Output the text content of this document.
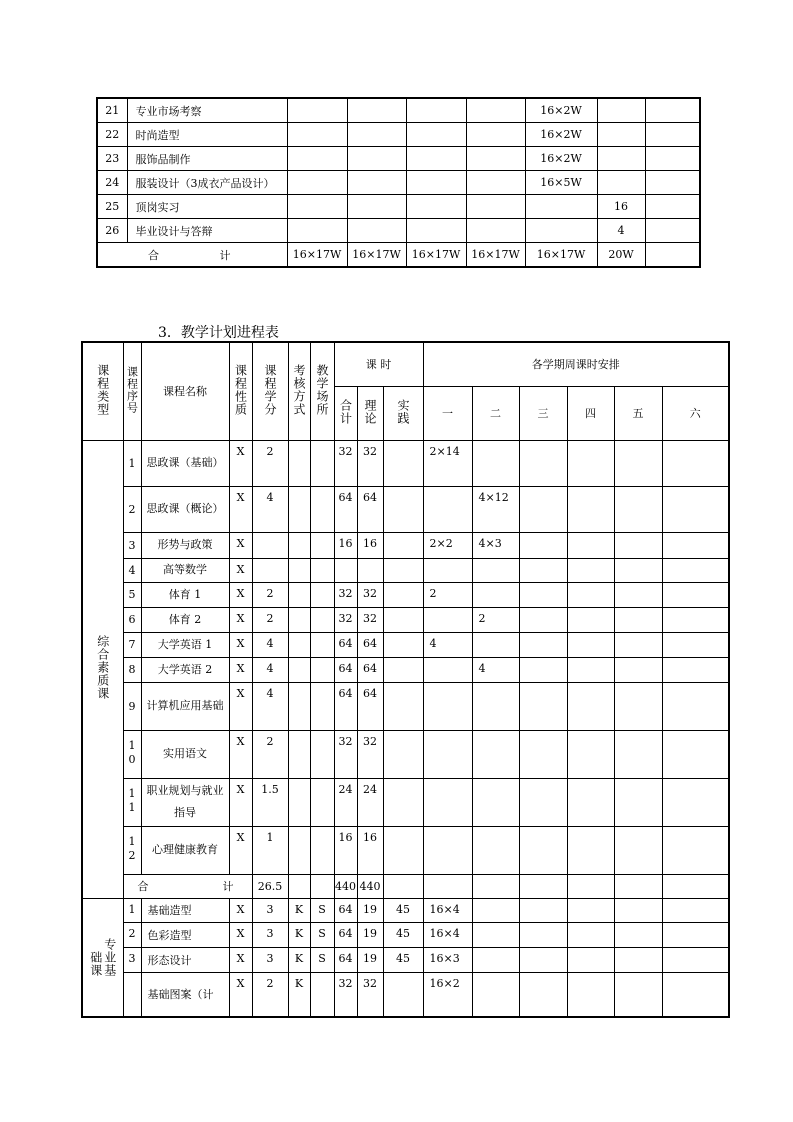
21	专业市场考察					16×2W		
22	时尚造型					16×2W		
23	服饰品制作					16×2W		
24	服装设计（3成衣产品设计）					16×5W		
25	顶岗实习						16	
26	毕业设计与答辩						4	

合 计		16×17W	16×17W	16×17W	16×17W	16×17W	20W	
3．教学计划进程表
课程类型	课程序号	课程名称	课程性质	课程学分	考核方式	教学场所	课 时			各学期周课时安排					
							合计	理论	实践	一	二	三	四	五	六
综合素质课	1	思政课（基础）	X	2			32	32		2×14					
	2	思政课（概论）	X	4			64	64			4×12				
	3	形势与政策	X				16	16		2×2	4×3				
	4	高等数学	X												
	5	体育 1	X	2			32	32		2					
	6	体育 2	X	2			32	32			2				
	7	大学英语 1	X	4			64	64		4					
	8	大学英语 2	X	4			64	64			4				
	9	计算机应用基础	X	4			64	64							
	10	实用语文	X	2			32	32							
	11	职业规划与就业指导	X	1.5			24	24							
	12	心理健康教育	X	1			16	16							

	合 计			26.5			440	440							

础课 专业基	1	基础造型	X	3	K	S	64	19	45	16×4					
	2	色彩造型	X	3	K	S	64	19	45	16×4					
	3	形态设计	X	3	K	S	64	19	45	16×3					
		基础图案（计	X	2	K		32	32		16×2					
